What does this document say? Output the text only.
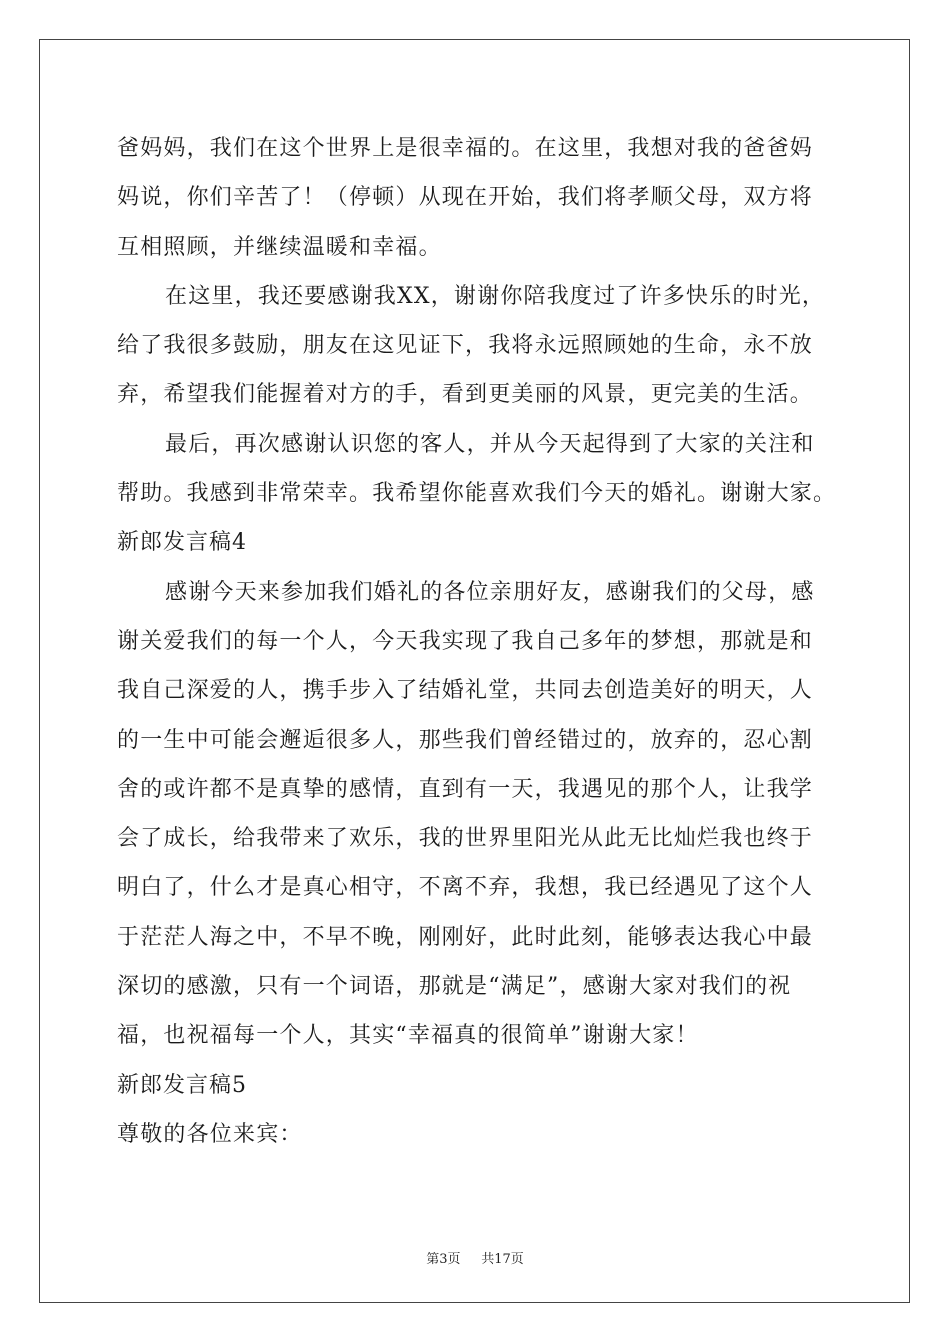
爸妈妈，我们在这个世界上是很幸福的。在这里，我想对我的爸爸妈
妈说，你们辛苦了！（停顿）从现在开始，我们将孝顺父母，双方将
互相照顾，并继续温暖和幸福。
在这里，我还要感谢我XX，谢谢你陪我度过了许多快乐的时光，
给了我很多鼓励，朋友在这见证下，我将永远照顾她的生命，永不放
弃，希望我们能握着对方的手，看到更美丽的风景，更完美的生活。
最后，再次感谢认识您的客人，并从今天起得到了大家的关注和
帮助。我感到非常荣幸。我希望你能喜欢我们今天的婚礼。谢谢大家。
新郎发言稿4
感谢今天来参加我们婚礼的各位亲朋好友，感谢我们的父母，感
谢关爱我们的每一个人，今天我实现了我自己多年的梦想，那就是和
我自己深爱的人，携手步入了结婚礼堂，共同去创造美好的明天，人
的一生中可能会邂逅很多人，那些我们曾经错过的，放弃的，忍心割
舍的或许都不是真挚的感情，直到有一天，我遇见的那个人，让我学
会了成长，给我带来了欢乐，我的世界里阳光从此无比灿烂我也终于
明白了，什么才是真心相守，不离不弃，我想，我已经遇见了这个人
于茫茫人海之中，不早不晚，刚刚好，此时此刻，能够表达我心中最
深切的感激，只有一个词语，那就是“满足”，感谢大家对我们的祝
福，也祝福每一个人，其实“幸福真的很简单”谢谢大家！
新郎发言稿5
尊敬的各位来宾：
第3页 共17页
